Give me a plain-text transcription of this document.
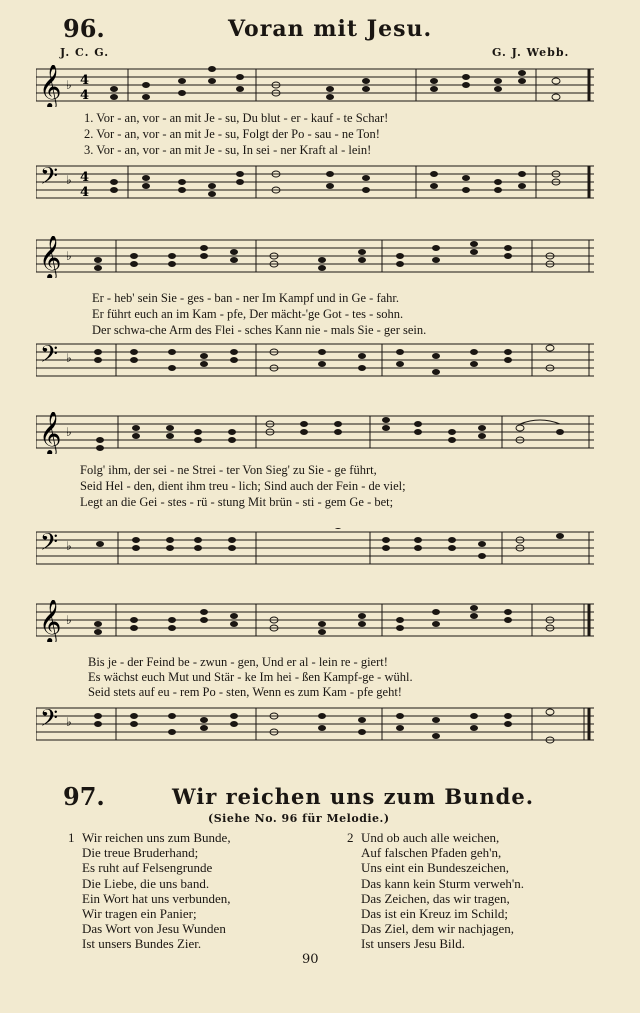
96.	Voran mit Jesu.
J. C. G.	G. J. Webb.
𝄞 ♭ 4
4
1. Vor - an, vor - an mit Je - su, Du blut - er - kauf - te Schar!
2. Vor - an, vor - an mit Je - su, Folgt der Po - sau - ne Ton!
3. Vor - an, vor - an mit Je - su, In sei - ner Kraft al - lein!
𝄢 ♭ 4
4
𝄞 ♭
Er - heb' sein Sie - ges - ban - ner Im Kampf und in Ge - fahr.
Er führt euch an im Kam - pfe, Der mächt-'ge Got - tes - sohn.
Der schwa-che Arm des Flei - sches Kann nie - mals Sie - ger sein.
𝄢 ♭
𝄞 ♭
Folg' ihm, der sei - ne Strei - ter Von Sieg' zu Sie - ge führt,
Seid Hel - den, dient ihm treu - lich; Sind auch der Fein - de viel;
Legt an die Gei - stes - rü - stung Mit brün - sti - gem Ge - bet;
𝄢 ♭
𝄞 ♭
Bis je - der Feind be - zwun - gen, Und er al - lein re - giert!
Es wächst euch Mut und Stär - ke Im hei - ßen Kampf-ge - wühl.
Seid stets auf eu - rem Po - sten, Wenn es zum Kam - pfe geht!
𝄢 ♭
97.	Wir reichen uns zum Bunde.
(Siehe No. 96 für Melodie.)
1 Wir reichen uns zum Bunde,
Die treue Bruderhand;
Es ruht auf Felsengrunde
Die Liebe, die uns band.
Ein Wort hat uns verbunden,
Wir tragen ein Panier;
Das Wort von Jesu Wunden
Ist unsers Bundes Zier.
2 Und ob auch alle weichen,
Auf falschen Pfaden geh'n,
Uns eint ein Bundeszeichen,
Das kann kein Sturm verweh'n.
Das Zeichen, das wir tragen,
Das ist ein Kreuz im Schild;
Das Ziel, dem wir nachjagen,
Ist unsers Jesu Bild.
90
